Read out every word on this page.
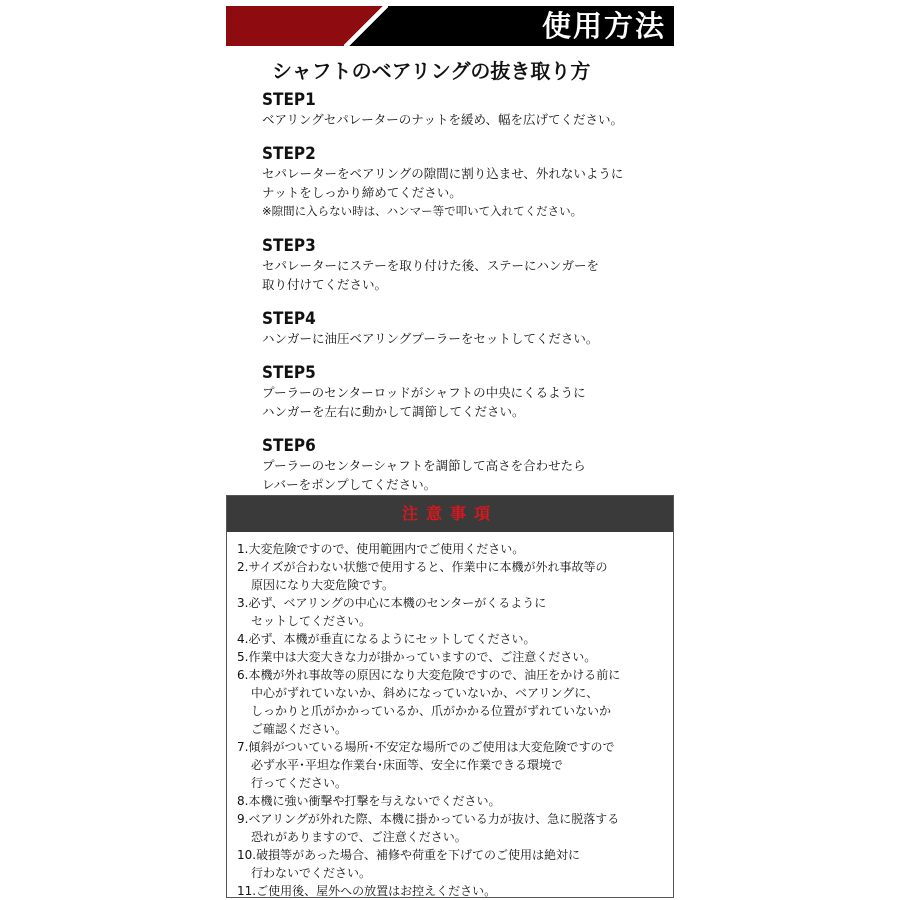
使用方法
シャフトのベアリングの抜き取り方
STEP1
ベアリングセパレーターのナットを緩め、幅を広げてください。
STEP2
セパレーターをベアリングの隙間に割り込ませ、外れないように
ナットをしっかり締めてください。
※隙間に入らない時は、ハンマー等で叩いて入れてください。
STEP3
セパレーターにステーを取り付けた後、ステーにハンガーを
取り付けてください。
STEP4
ハンガーに油圧ベアリングプーラーをセットしてください。
STEP5
プーラーのセンターロッドがシャフトの中央にくるように
ハンガーを左右に動かして調節してください。
STEP6
プーラーのセンターシャフトを調節して高さを合わせたら
レバーをポンプしてください。
注意事項
1.大変危険ですので、使用範囲内でご使用ください。
2.サイズが合わない状態で使用すると、作業中に本機が外れ事故等の
原因になり大変危険です。
3.必ず、ベアリングの中心に本機のセンターがくるように
セットしてください。
4.必ず、本機が垂直になるようにセットしてください。
5.作業中は大変大きな力が掛かっていますので、ご注意ください。
6.本機が外れ事故等の原因になり大変危険ですので、油圧をかける前に
中心がずれていないか、斜めになっていないか、ベアリングに、
しっかりと爪がかかっているか、爪がかかる位置がずれていないか
ご確認ください。
7.傾斜がついている場所･不安定な場所でのご使用は大変危険ですので
必ず水平･平坦な作業台･床面等、安全に作業できる環境で
行ってください。
8.本機に強い衝撃や打撃を与えないでください。
9.ベアリングが外れた際、本機に掛かっている力が抜け、急に脱落する
恐れがありますので、ご注意ください。
10.破損等があった場合、補修や荷重を下げてのご使用は絶対に
行わないでください。
11.ご使用後、屋外への放置はお控えください。
